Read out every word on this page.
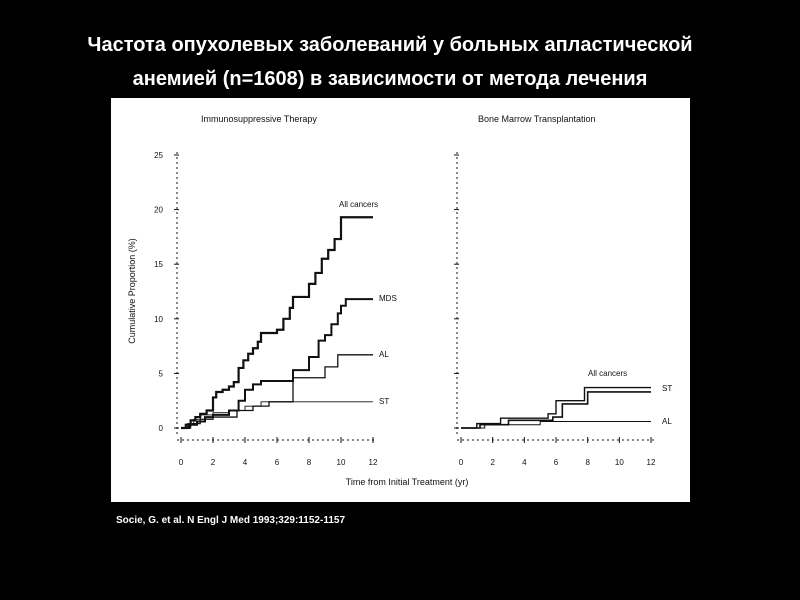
Частота опухолевых заболеваний у больных апластической
анемией (n=1608) в зависимости от метода лечения
Immunosuppressive Therapy
0
5
10
15
20
25
0	2	4	6	8	10	12
All cancers
MDS
AL
ST
Bone Marrow Transplantation
0	2	4	6	8	10	12
All cancers
ST
AL
Cumulative Proportion (%)
Time from Initial Treatment (yr)
Socie, G. et al. N Engl J Med 1993;329:1152-1157
